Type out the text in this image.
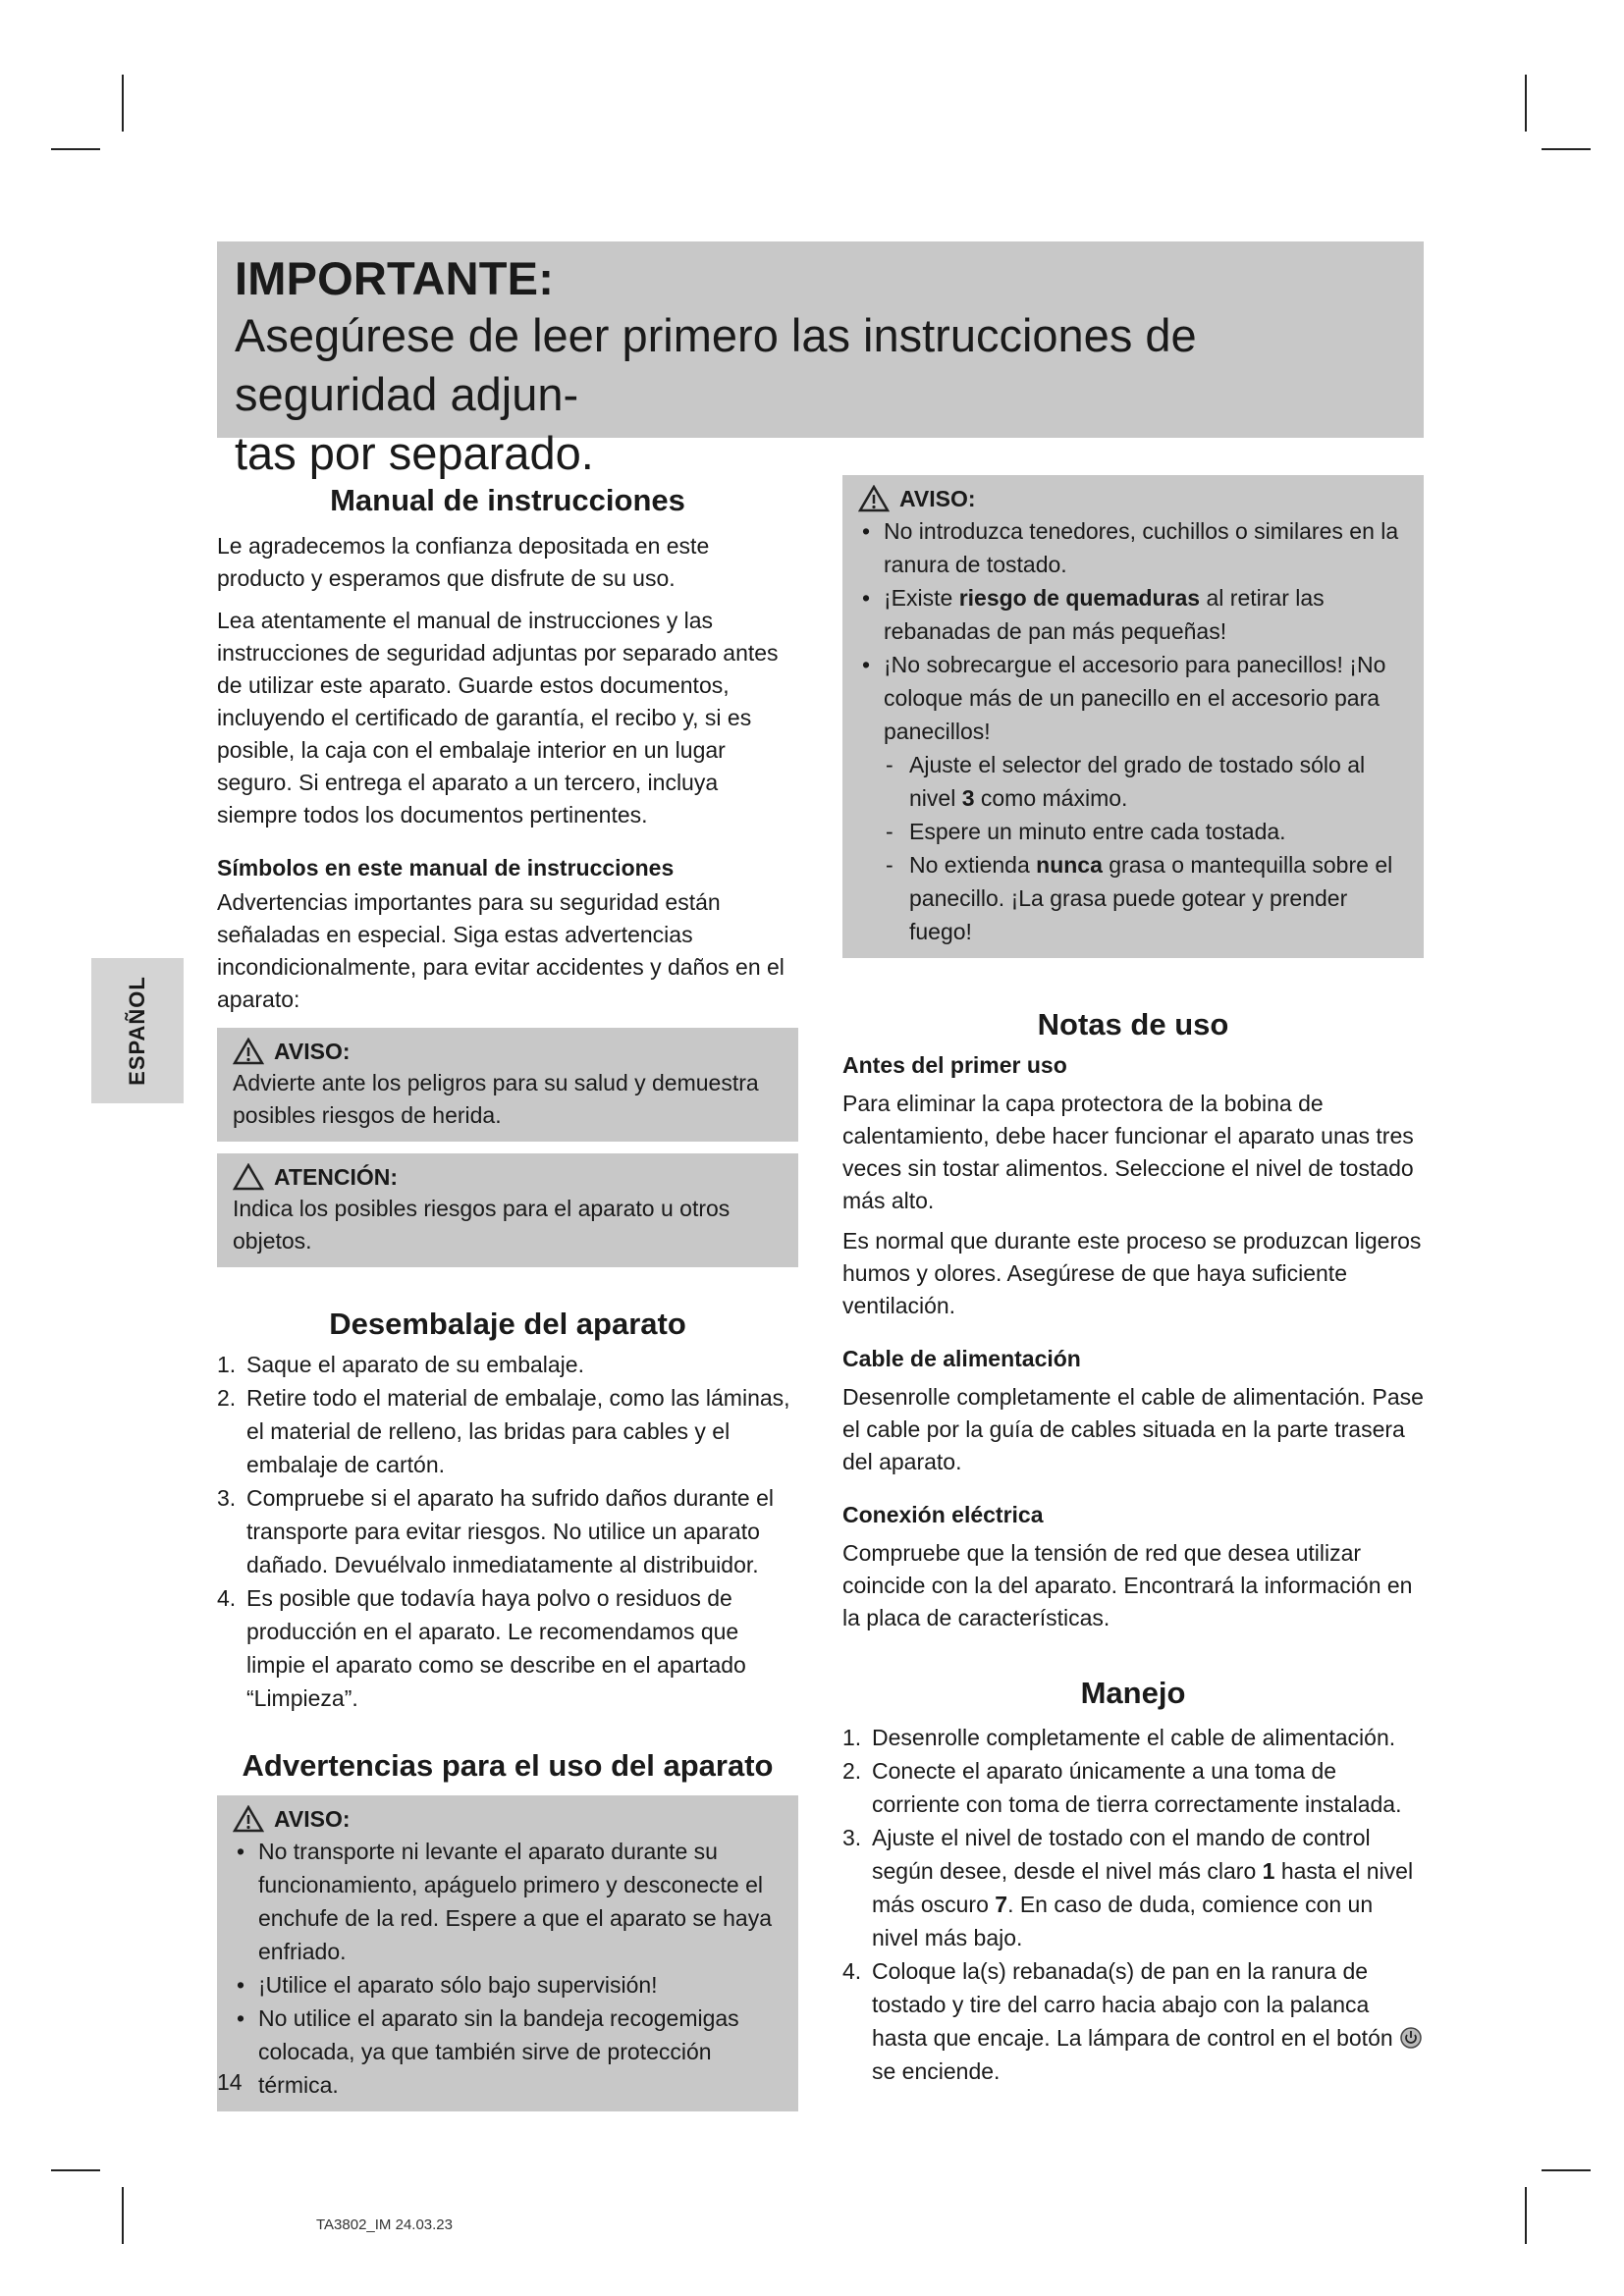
IMPORTANTE:
Asegúrese de leer primero las instrucciones de seguridad adjun-
tas por separado.
ESPAÑOL
Manual de instrucciones

Le agradecemos la confianza depositada en este producto y esperamos que disfrute de su uso.

Lea atentamente el manual de instrucciones y las instrucciones de seguridad adjuntas por separado antes de utilizar este aparato. Guarde estos documentos, incluyendo el certificado de garantía, el recibo y, si es posible, la caja con el embalaje interior en un lugar seguro. Si entrega el aparato a un tercero, incluya siempre todos los documentos pertinentes.

Símbolos en este manual de instrucciones

Advertencias importantes para su seguridad están señaladas en especial. Siga estas advertencias incondicionalmente, para evitar accidentes y daños en el aparato:

AVISO:

Advierte ante los peligros para su salud y demuestra posibles riesgos de herida.

ATENCIÓN:

Indica los posibles riesgos para el aparato u otros objetos.

Desembalaje del aparato
1. Saque el aparato de su embalaje.
2. Retire todo el material de embalaje, como las láminas, el material de relleno, las bridas para cables y el embalaje de cartón.
3. Compruebe si el aparato ha sufrido daños durante el transporte para evitar riesgos. No utilice un aparato dañado. Devuélvalo inmediatamente al distribuidor.
4. Es posible que todavía haya polvo o residuos de producción en el aparato. Le recomendamos que limpie el aparato como se describe en el apartado “Limpieza”.
Advertencias para el uso del aparato
AVISO:
• No transporte ni levante el aparato durante su funcionamiento, apáguelo primero y desconecte el enchufe de la red. Espere a que el aparato se haya enfriado.
• ¡Utilice el aparato sólo bajo supervisión!
• No utilice el aparato sin la bandeja recogemigas colocada, ya que también sirve de protección térmica.
AVISO:
• No introduzca tenedores, cuchillos o similares en la ranura de tostado.
• ¡Existe riesgo de quemaduras al retirar las rebanadas de pan más pequeñas!
• ¡No sobrecargue el accesorio para panecillos! ¡No coloque más de un panecillo en el accesorio para panecillos!
- Ajuste el selector del grado de tostado sólo al nivel 3 como máximo.
- Espere un minuto entre cada tostada.
- No extienda nunca grasa o mantequilla sobre el panecillo. ¡La grasa puede gotear y prender fuego!
Notas de uso
Antes del primer uso

Para eliminar la capa protectora de la bobina de calentamiento, debe hacer funcionar el aparato unas tres veces sin tostar alimentos. Seleccione el nivel de tostado más alto.

Es normal que durante este proceso se produzcan ligeros humos y olores. Asegúrese de que haya suficiente ventilación.

Cable de alimentación

Desenrolle completamente el cable de alimentación. Pase el cable por la guía de cables situada en la parte trasera del aparato.

Conexión eléctrica

Compruebe que la tensión de red que desea utilizar coincide con la del aparato. Encontrará la información en la placa de características.

Manejo
1. Desenrolle completamente el cable de alimentación.
2. Conecte el aparato únicamente a una toma de corriente con toma de tierra correctamente instalada.
3. Ajuste el nivel de tostado con el mando de control según desee, desde el nivel más claro 1 hasta el nivel más oscuro 7. En caso de duda, comience con un nivel más bajo.
4. Coloque la(s) rebanada(s) de pan en la ranura de tostado y tire del carro hacia abajo con la palanca hasta que encaje. La lámpara de control en el botón se enciende.
14
TA3802_IM 24.03.23
